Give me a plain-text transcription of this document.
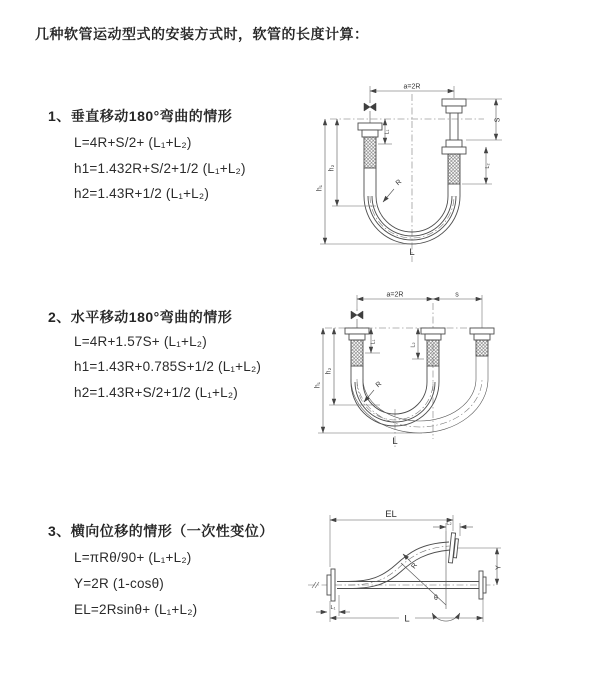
几种软管运动型式的安装方式时，软管的长度计算：
1、垂直移动180°弯曲的情形
L=4R+S/2+ (L₁+L₂)
h1=1.432R+S/2+1/2 (L₁+L₂)
h2=1.43R+1/2 (L₁+L₂)
2、水平移动180°弯曲的情形
L=4R+1.57S+ (L₁+L₂)
h1=1.43R+0.785S+1/2 (L₁+L₂)
h2=1.43R+S/2+1/2 (L₁+L₂)
3、横向位移的情形（一次性变位）
L=πRθ/90+ (L₁+L₂)
Y=2R (1-cosθ)
EL=2Rsinθ+ (L₁+L₂)
a=2R
h₁
h₂
L₁
S
L₂
R
L
a=2R	s
h₁
h₂
L₁
L₂
R
L
EL
L₂
Y
R
θ
L₁
L
